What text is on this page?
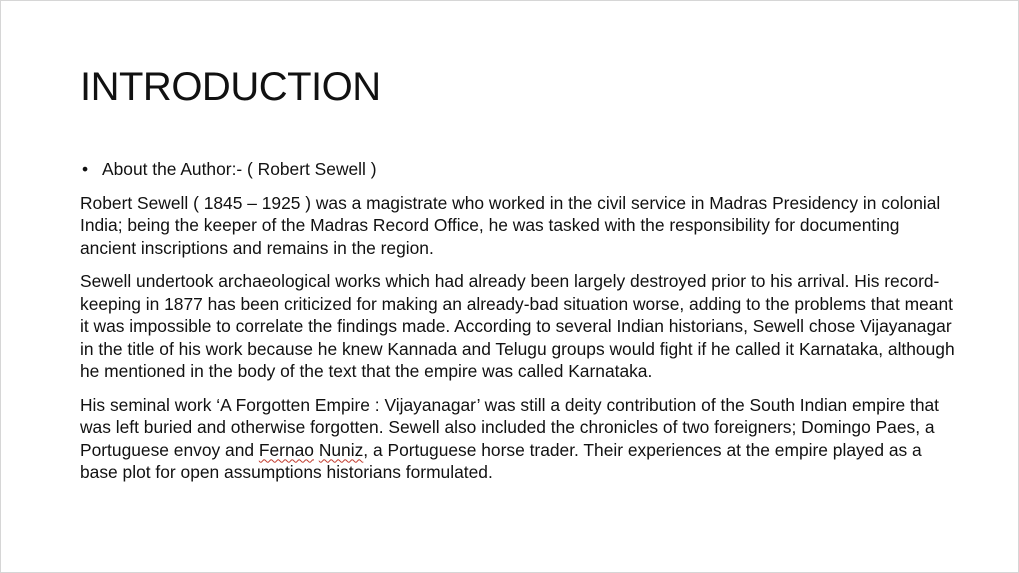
INTRODUCTION
• About the Author:- ( Robert Sewell )

Robert Sewell ( 1845 – 1925 ) was a magistrate who worked in the civil service in Madras Presidency in colonial India; being the keeper of the Madras Record Office, he was tasked with the responsibility for documenting ancient inscriptions and remains in the region.

Sewell undertook archaeological works which had already been largely destroyed prior to his arrival. His record-keeping in 1877 has been criticized for making an already-bad situation worse, adding to the problems that meant it was impossible to correlate the findings made. According to several Indian historians, Sewell chose Vijayanagar in the title of his work because he knew Kannada and Telugu groups would fight if he called it Karnataka, although he mentioned in the body of the text that the empire was called Karnataka.

His seminal work ‘A Forgotten Empire : Vijayanagar’ was still a deity contribution of the South Indian empire that was left buried and otherwise forgotten. Sewell also included the chronicles of two foreigners; Domingo Paes, a Portuguese envoy and Fernao Nuniz, a Portuguese horse trader. Their experiences at the empire played as a base plot for open assumptions historians formulated.
